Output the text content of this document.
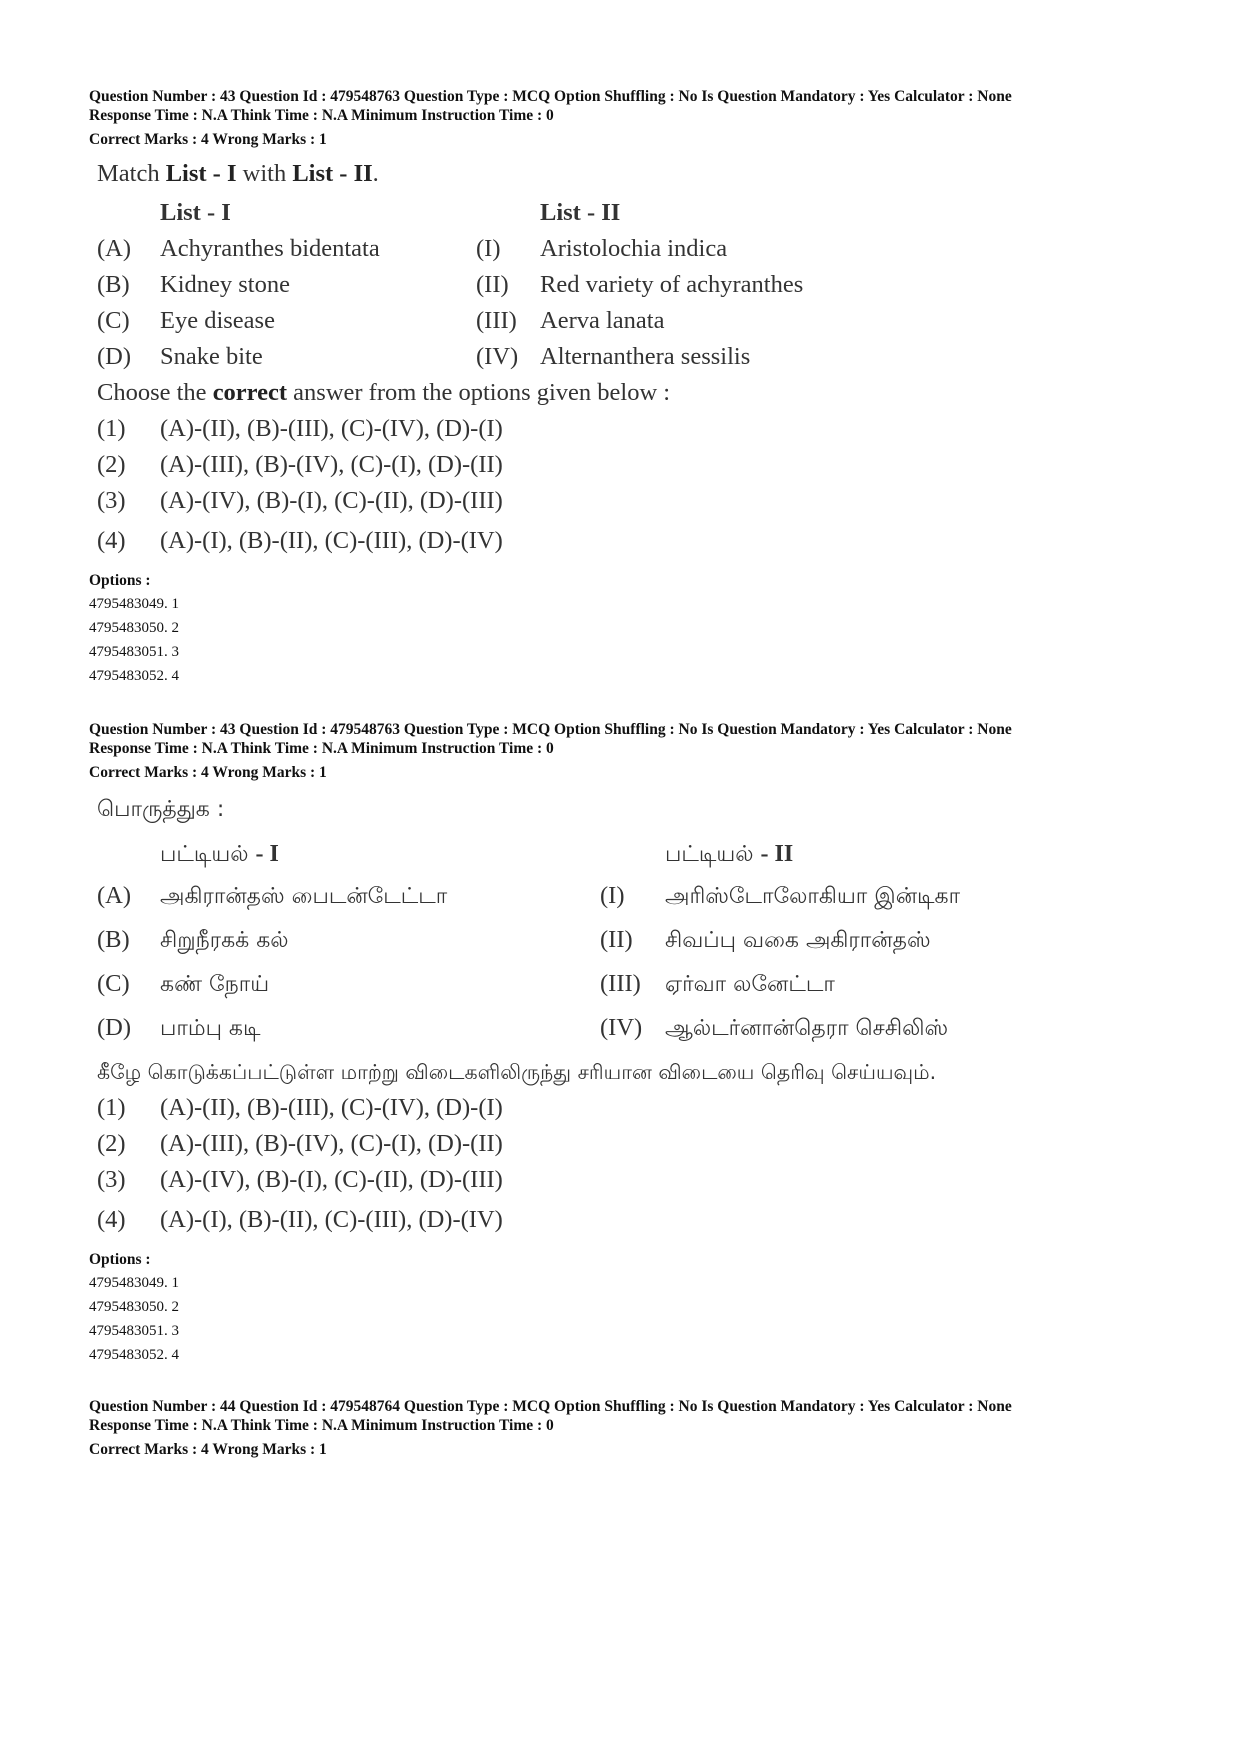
Question Number : 43 Question Id : 479548763 Question Type : MCQ Option Shuffling : No Is Question Mandatory : Yes Calculator : None
Response Time : N.A Think Time : N.A Minimum Instruction Time : 0
Correct Marks : 4 Wrong Marks : 1
Match List - I with List - II.
List - I	List - II
(A) Achyranthes bidentata	(I) Aristolochia indica
(B) Kidney stone	(II) Red variety of achyranthes
(C) Eye disease	(III) Aerva lanata
(D) Snake bite	(IV) Alternanthera sessilis
Choose the correct answer from the options given below :
(1) (A)-(II), (B)-(III), (C)-(IV), (D)-(I)
(2) (A)-(III), (B)-(IV), (C)-(I), (D)-(II)
(3) (A)-(IV), (B)-(I), (C)-(II), (D)-(III)
(4) (A)-(I), (B)-(II), (C)-(III), (D)-(IV)
Options :
4795483049. 1
4795483050. 2
4795483051. 3
4795483052. 4
Question Number : 43 Question Id : 479548763 Question Type : MCQ Option Shuffling : No Is Question Mandatory : Yes Calculator : None
Response Time : N.A Think Time : N.A Minimum Instruction Time : 0
Correct Marks : 4 Wrong Marks : 1
பொருத்துக :
பட்டியல் - I	பட்டியல் - II
(A) அகிரான்தஸ் பைடன்டேட்டா	(I) அரிஸ்டோலோகியா இன்டிகா
(B) சிறுநீரகக் கல்	(II) சிவப்பு வகை அகிரான்தஸ்
(C) கண் நோய்	(III) ஏர்வா லனேட்டா
(D) பாம்பு கடி	(IV) ஆல்டர்னான்தெரா செசிலிஸ்
கீழே கொடுக்கப்பட்டுள்ள மாற்று விடைகளிலிருந்து சரியான விடையை தெரிவு செய்யவும்.
(1) (A)-(II), (B)-(III), (C)-(IV), (D)-(I)
(2) (A)-(III), (B)-(IV), (C)-(I), (D)-(II)
(3) (A)-(IV), (B)-(I), (C)-(II), (D)-(III)
(4) (A)-(I), (B)-(II), (C)-(III), (D)-(IV)
Options :
4795483049. 1
4795483050. 2
4795483051. 3
4795483052. 4
Question Number : 44 Question Id : 479548764 Question Type : MCQ Option Shuffling : No Is Question Mandatory : Yes Calculator : None
Response Time : N.A Think Time : N.A Minimum Instruction Time : 0
Correct Marks : 4 Wrong Marks : 1
